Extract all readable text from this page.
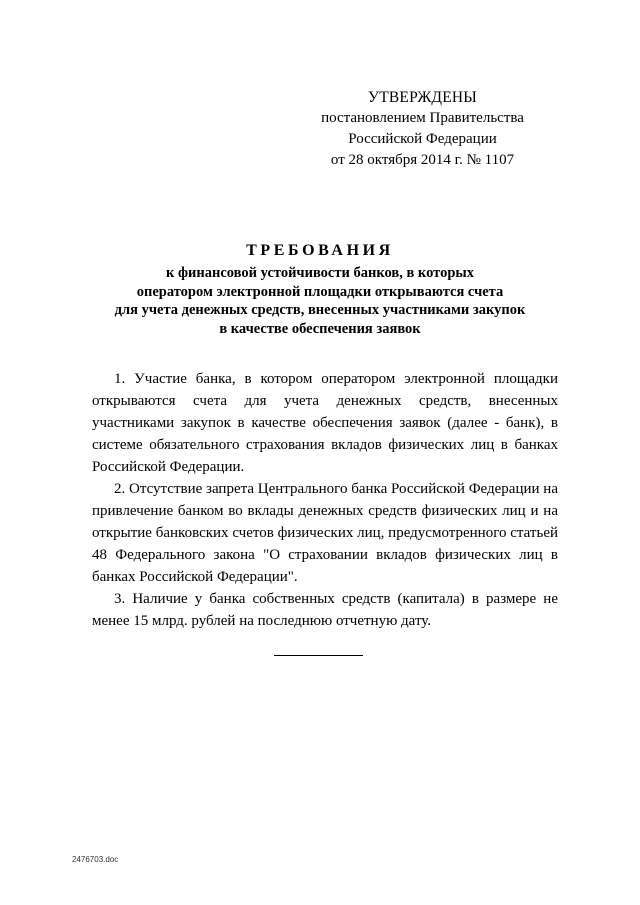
УТВЕРЖДЕНЫ
постановлением Правительства
Российской Федерации
от 28 октября 2014 г. № 1107
ТРЕБОВАНИЯ
к финансовой устойчивости банков, в которых
оператором электронной площадки открываются счета
для учета денежных средств, внесенных участниками закупок
в качестве обеспечения заявок

1. Участие банка, в котором оператором электронной площадки открываются счета для учета денежных средств, внесенных участниками закупок в качестве обеспечения заявок (далее - банк), в системе обязательного страхования вкладов физических лиц в банках Российской Федерации.

2. Отсутствие запрета Центрального банка Российской Федерации на привлечение банком во вклады денежных средств физических лиц и на открытие банковских счетов физических лиц, предусмотренного статьей 48 Федерального закона "О страховании вкладов физических лиц в банках Российской Федерации".

3. Наличие у банка собственных средств (капитала) в размере не менее 15 млрд. рублей на последнюю отчетную дату.

2476703.doc
